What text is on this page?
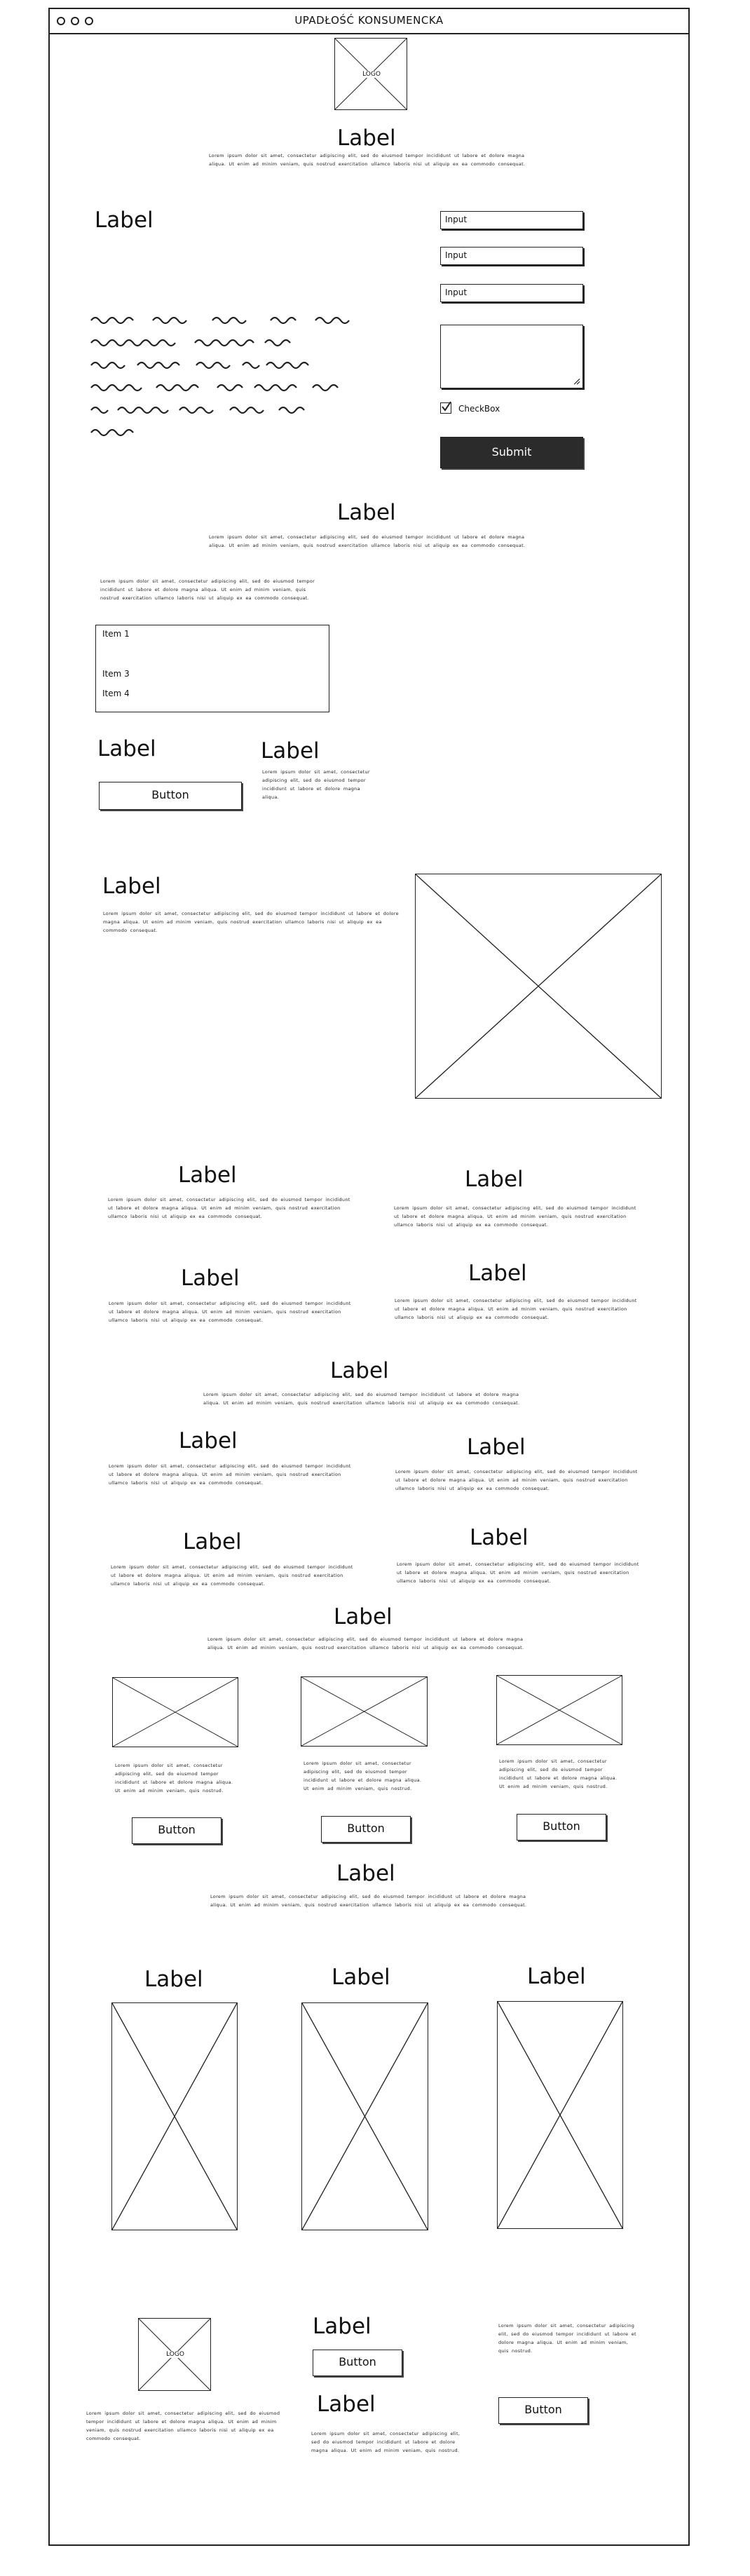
UPADŁOŚĆ KONSUMENCKA
LOGO
Label
Lorem ipsum dolor sit amet, consectetur adipiscing elit, sed do eiusmod tempor incididunt ut labore et dolore magna aliqua. Ut enim ad minim veniam, quis nostrud exercitation ullamco laboris nisi ut aliquip ex ea commodo consequat.
Label	Input
Input
Input
CheckBox
Submit
Label
Lorem ipsum dolor sit amet, consectetur adipiscing elit, sed do eiusmod tempor incididunt ut labore et dolore magna aliqua. Ut enim ad minim veniam, quis nostrud exercitation ullamco laboris nisi ut aliquip ex ea commodo consequat.
Lorem ipsum dolor sit amet, consectetur adipiscing elit, sed do eiusmod tempor incididunt ut labore et dolore magna aliqua. Ut enim ad minim veniam, quis nostrud exercitation ullamco laboris nisi ut aliquip ex ea commodo consequat.
Item 1
Item 3
Item 4
Label
Button
Label
Lorem ipsum dolor sit amet, consectetur adipiscing elit, sed do eiusmod tempor incididunt ut labore et dolore magna aliqua.
Label
Lorem ipsum dolor sit amet, consectetur adipiscing elit, sed do eiusmod tempor incididunt ut labore et dolore magna aliqua. Ut enim ad minim veniam, quis nostrud exercitation ullamco laboris nisi ut aliquip ex ea commodo consequat.
Label
Lorem ipsum dolor sit amet, consectetur adipiscing elit, sed do eiusmod tempor incididunt ut labore et dolore magna aliqua. Ut enim ad minim veniam, quis nostrud exercitation ullamco laboris nisi ut aliquip ex ea commodo consequat.
Label
Lorem ipsum dolor sit amet, consectetur adipiscing elit, sed do eiusmod tempor incididunt ut labore et dolore magna aliqua. Ut enim ad minim veniam, quis nostrud exercitation ullamco laboris nisi ut aliquip ex ea commodo consequat.
Label
Lorem ipsum dolor sit amet, consectetur adipiscing elit, sed do eiusmod tempor incididunt ut labore et dolore magna aliqua. Ut enim ad minim veniam, quis nostrud exercitation ullamco laboris nisi ut aliquip ex ea commodo consequat.
Label
Lorem ipsum dolor sit amet, consectetur adipiscing elit, sed do eiusmod tempor incididunt ut labore et dolore magna aliqua. Ut enim ad minim veniam, quis nostrud exercitation ullamco laboris nisi ut aliquip ex ea commodo consequat.
Label
Lorem ipsum dolor sit amet, consectetur adipiscing elit, sed do eiusmod tempor incididunt ut labore et dolore magna aliqua. Ut enim ad minim veniam, quis nostrud exercitation ullamco laboris nisi ut aliquip ex ea commodo consequat.
Label
Lorem ipsum dolor sit amet, consectetur adipiscing elit, sed do eiusmod tempor incididunt ut labore et dolore magna aliqua. Ut enim ad minim veniam, quis nostrud exercitation ullamco laboris nisi ut aliquip ex ea commodo consequat.
Label
Lorem ipsum dolor sit amet, consectetur adipiscing elit, sed do eiusmod tempor incididunt ut labore et dolore magna aliqua. Ut enim ad minim veniam, quis nostrud exercitation ullamco laboris nisi ut aliquip ex ea commodo consequat.
Label
Lorem ipsum dolor sit amet, consectetur adipiscing elit, sed do eiusmod tempor incididunt ut labore et dolore magna aliqua. Ut enim ad minim veniam, quis nostrud exercitation ullamco laboris nisi ut aliquip ex ea commodo consequat.
Label
Lorem ipsum dolor sit amet, consectetur adipiscing elit, sed do eiusmod tempor incididunt ut labore et dolore magna aliqua. Ut enim ad minim veniam, quis nostrud exercitation ullamco laboris nisi ut aliquip ex ea commodo consequat.
Label
Lorem ipsum dolor sit amet, consectetur adipiscing elit, sed do eiusmod tempor incididunt ut labore et dolore magna aliqua. Ut enim ad minim veniam, quis nostrud exercitation ullamco laboris nisi ut aliquip ex ea commodo consequat.
Lorem ipsum dolor sit amet, consectetur adipiscing elit, sed do eiusmod tempor incididunt ut labore et dolore magna aliqua. Ut enim ad minim veniam, quis nostrud.
Button
Lorem ipsum dolor sit amet, consectetur adipiscing elit, sed do eiusmod tempor incididunt ut labore et dolore magna aliqua. Ut enim ad minim veniam, quis nostrud.
Button
Lorem ipsum dolor sit amet, consectetur adipiscing elit, sed do eiusmod tempor incididunt ut labore et dolore magna aliqua. Ut enim ad minim veniam, quis nostrud.
Button
Label
Lorem ipsum dolor sit amet, consectetur adipiscing elit, sed do eiusmod tempor incididunt ut labore et dolore magna aliqua. Ut enim ad minim veniam, quis nostrud exercitation ullamco laboris nisi ut aliquip ex ea commodo consequat.
Label	Label	Label
LOGO
Lorem ipsum dolor sit amet, consectetur adipiscing elit, sed do eiusmod tempor incididunt ut labore et dolore magna aliqua. Ut enim ad minim veniam, quis nostrud exercitation ullamco laboris nisi ut aliquip ex ea commodo consequat.
Label
Button
Label
Lorem ipsum dolor sit amet, consectetur adipiscing elit, sed do eiusmod tempor incididunt ut labore et dolore magna aliqua. Ut enim ad minim veniam, quis nostrud.
Lorem ipsum dolor sit amet, consectetur adipiscing elit, sed do eiusmod tempor incididunt ut labore et dolore magna aliqua. Ut enim ad minim veniam, quis nostrud.
Button
